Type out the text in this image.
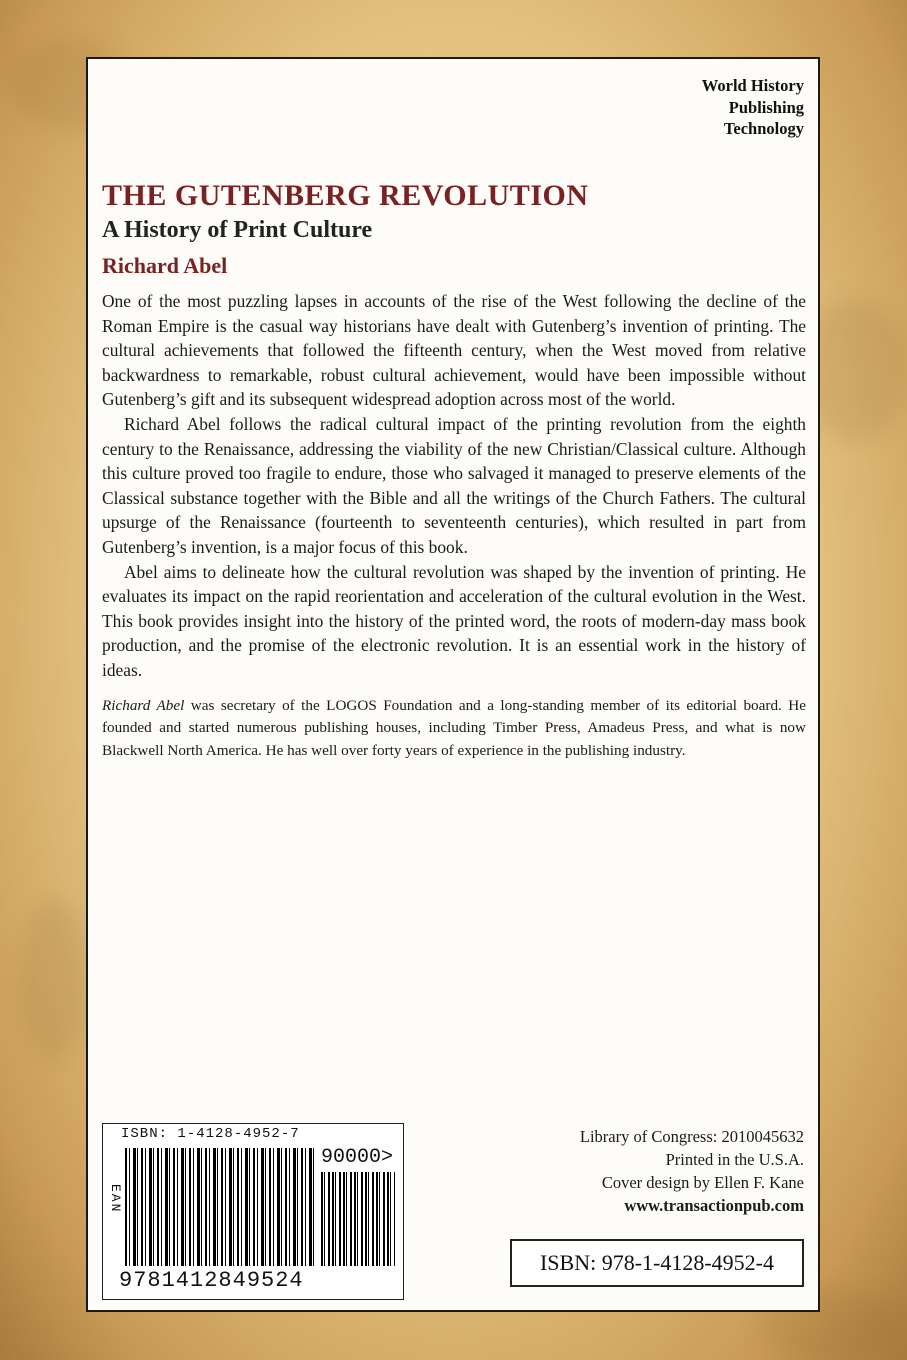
World History
Publishing
Technology
THE GUTENBERG REVOLUTION
A History of Print Culture
Richard Abel

One of the most puzzling lapses in accounts of the rise of the West following the decline of the Roman Empire is the casual way historians have dealt with Gutenberg’s invention of printing. The cultural achievements that followed the fifteenth century, when the West moved from relative backwardness to remarkable, robust cultural achievement, would have been impossible without Gutenberg’s gift and its subsequent widespread adoption across most of the world.

Richard Abel follows the radical cultural impact of the printing revolution from the eighth century to the Renaissance, addressing the viability of the new Christian/Classical culture. Although this culture proved too fragile to endure, those who salvaged it managed to preserve elements of the Classical substance together with the Bible and all the writings of the Church Fathers. The cultural upsurge of the Renaissance (fourteenth to seventeenth centuries), which resulted in part from Gutenberg’s invention, is a major focus of this book.

Abel aims to delineate how the cultural revolution was shaped by the invention of printing. He evaluates its impact on the rapid reorientation and acceleration of the cultural evolution in the West. This book provides insight into the history of the printed word, the roots of modern-day mass book production, and the promise of the electronic revolution. It is an essential work in the history of ideas.

Richard Abel was secretary of the LOGOS Foundation and a long-standing member of its editorial board. He founded and started numerous publishing houses, including Timber Press, Amadeus Press, and what is now Blackwell North America. He has well over forty years of experience in the publishing industry.

ISBN: 1-4128-4952-7
EAN
90000>
9781412849524
Library of Congress: 2010045632
Printed in the U.S.A.
Cover design by Ellen F. Kane
www.transactionpub.com
ISBN: 978-1-4128-4952-4
